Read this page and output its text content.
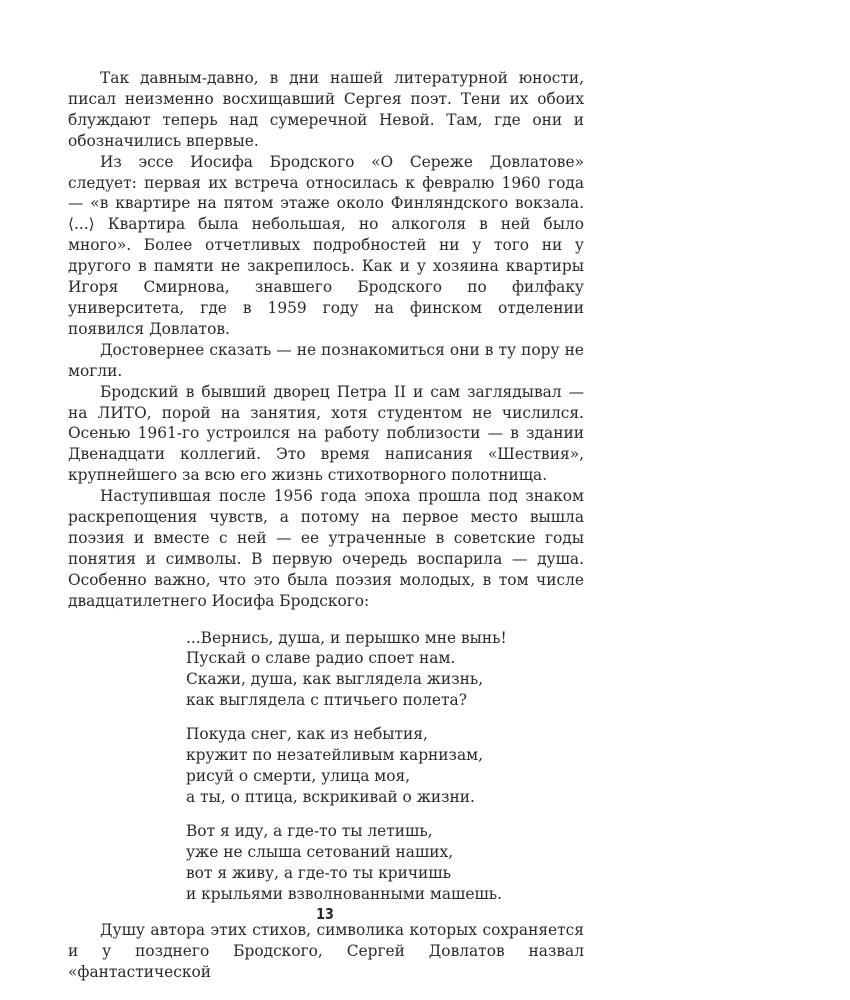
Так давным-давно, в дни нашей литературной юности, писал неизменно восхищавший Сергея поэт. Тени их обоих блуждают теперь над сумеречной Невой. Там, где они и обозначились впервые.

Из эссе Иосифа Бродского «О Сереже Довлатове» следует: первая их встреча относилась к февралю 1960 года — «в квартире на пятом этаже около Финляндского вокзала. ⟨...⟩ Квартира была небольшая, но алкоголя в ней было много». Более отчетливых подробностей ни у того ни у другого в памяти не закрепилось. Как и у хозяина квартиры Игоря Смирнова, знавшего Бродского по филфаку университета, где в 1959 году на финском отделении появился Довлатов.

Достовернее сказать — не познакомиться они в ту пору не могли.

Бродский в бывший дворец Петра II и сам заглядывал — на ЛИТО, порой на занятия, хотя студентом не числился. Осенью 1961-го устроился на работу поблизости — в здании Двенадцати коллегий. Это время написания «Шествия», крупнейшего за всю его жизнь стихотворного полотнища.

Наступившая после 1956 года эпоха прошла под знаком раскрепощения чувств, а потому на первое место вышла поэзия и вместе с ней — ее утраченные в советские годы понятия и символы. В первую очередь воспарила — душа. Особенно важно, что это была поэзия молодых, в том числе двадцатилетнего Иосифа Бродского:

...Вернись, душа, и перышко мне вынь!
Пускай о славе радио споет нам.
Скажи, душа, как выглядела жизнь,
как выглядела с птичьего полета?
Покуда снег, как из небытия,
кружит по незатейливым карнизам,
рисуй о смерти, улица моя,
а ты, о птица, вскрикивай о жизни.
Вот я иду, а где-то ты летишь,
уже не слыша сетований наших,
вот я живу, а где-то ты кричишь
и крыльями взволнованными машешь.

Душу автора этих стихов, символика которых сохраняется и у позднего Бродского, Сергей Довлатов назвал «фантастической

13
